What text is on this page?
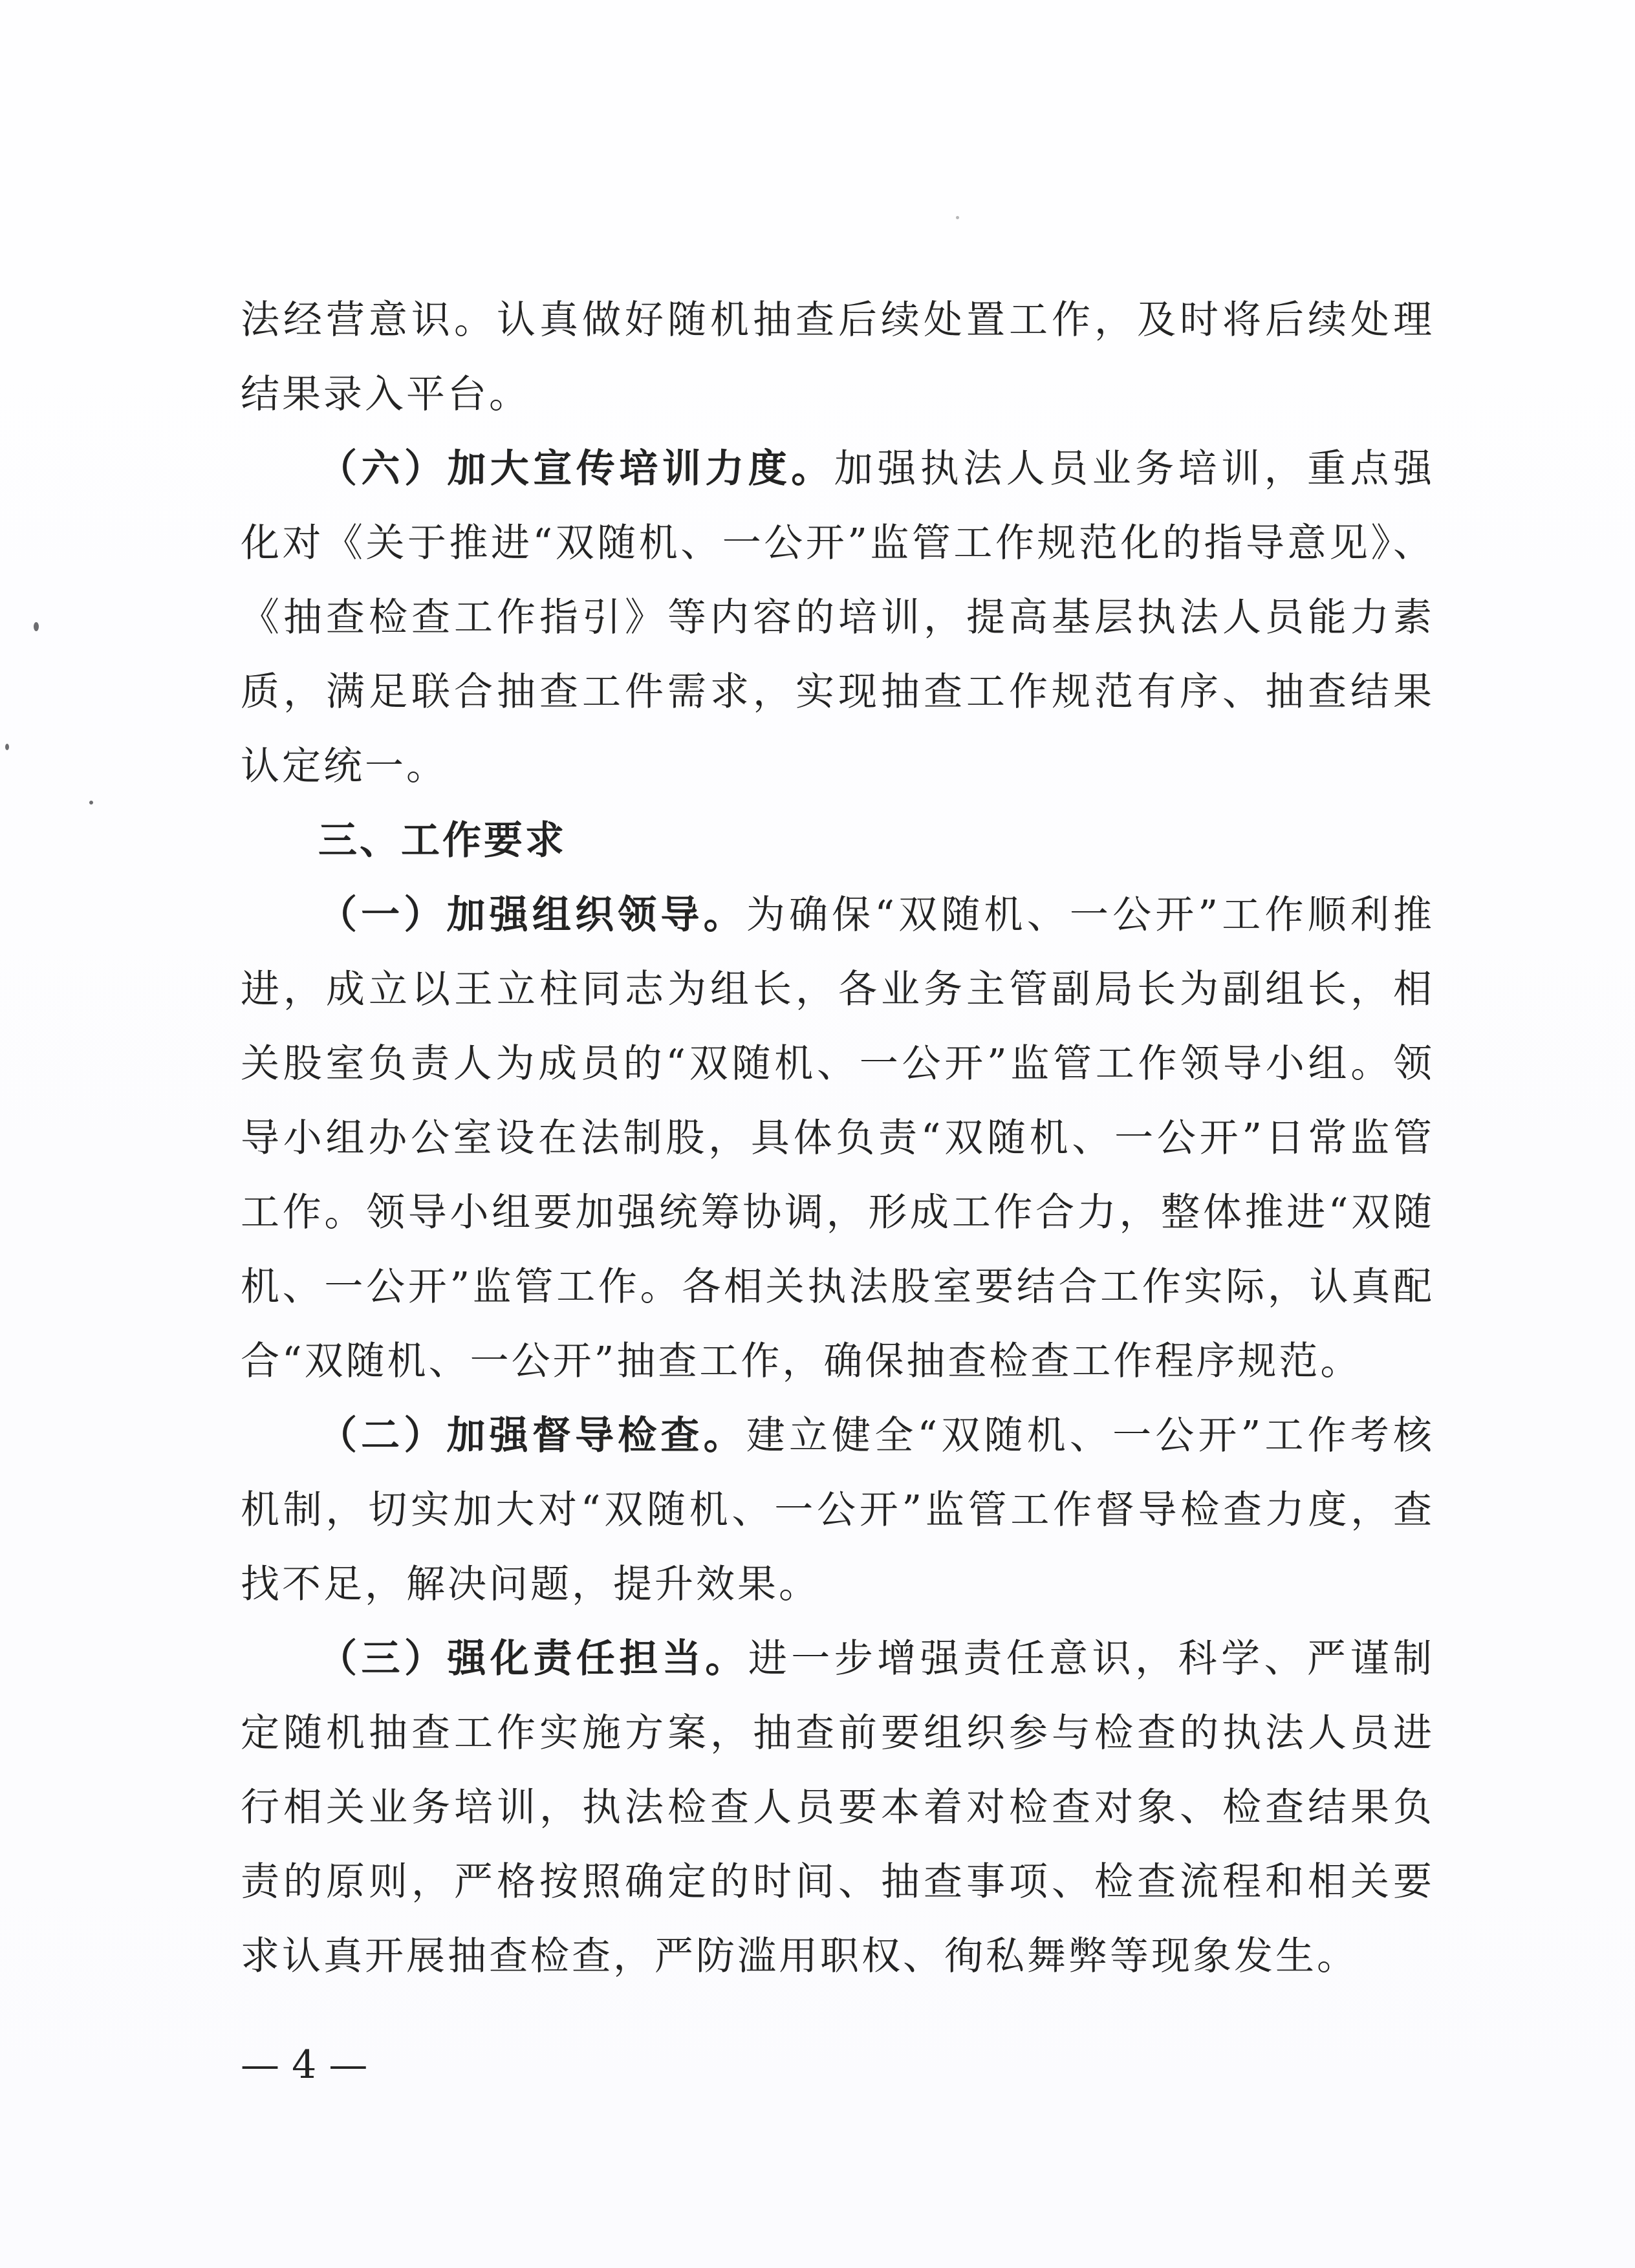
法经营意识。认真做好随机抽查后续处置工作，及时将后续处理结果录入平台。

（六）加大宣传培训力度。加强执法人员业务培训，重点强化对《关于推进“双随机、一公开”监管工作规范化的指导意见》、《抽查检查工作指引》等内容的培训，提高基层执法人员能力素质，满足联合抽查工件需求，实现抽查工作规范有序、抽查结果认定统一。

三、工作要求

（一）加强组织领导。为确保“双随机、一公开”工作顺利推进，成立以王立柱同志为组长，各业务主管副局长为副组长，相关股室负责人为成员的“双随机、一公开”监管工作领导小组。领导小组办公室设在法制股，具体负责“双随机、一公开”日常监管工作。领导小组要加强统筹协调，形成工作合力，整体推进“双随机、一公开”监管工作。各相关执法股室要结合工作实际，认真配合“双随机、一公开”抽查工作，确保抽查检查工作程序规范。

（二）加强督导检查。建立健全“双随机、一公开”工作考核机制，切实加大对“双随机、一公开”监管工作督导检查力度，查找不足，解决问题，提升效果。

（三）强化责任担当。进一步增强责任意识，科学、严谨制定随机抽查工作实施方案，抽查前要组织参与检查的执法人员进行相关业务培训，执法检查人员要本着对检查对象、检查结果负责的原则，严格按照确定的时间、抽查事项、检查流程和相关要求认真开展抽查检查，严防滥用职权、徇私舞弊等现象发生。

— 4 —
